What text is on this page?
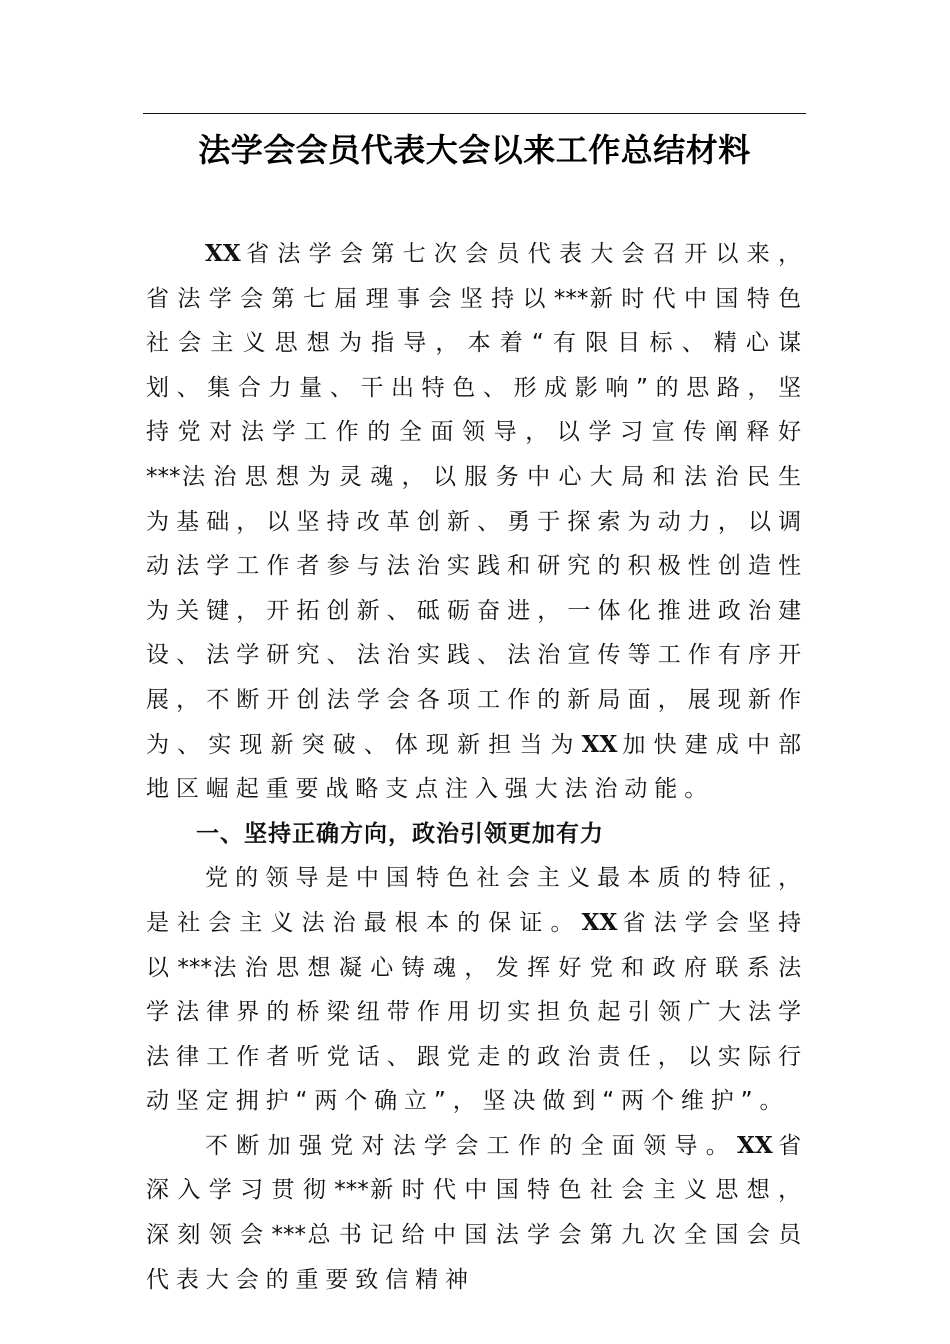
法学会会员代表大会以来工作总结材料

XX 省法学会第七次会员代表大会召开以来，省法学会第七届理事会坚持以***新时代中国特色社会主义思想为指导，本着“有限目标、精心谋划、集合力量、干出特色、形成影响”的思路，坚持党对法学工作的全面领导，以学习宣传阐释好***法治思想为灵魂，以服务中心大局和法治民生为基础，以坚持改革创新、勇于探索为动力，以调动法学工作者参与法治实践和研究的积极性创造性为关键，开拓创新、砥砺奋进，一体化推进政治建设、法学研究、法治实践、法治宣传等工作有序开展，不断开创法学会各项工作的新局面，展现新作为、实现新突破、体现新担当为XX 加快建成中部地区崛起重要战略支点注入强大法治动能。

一、坚持正确方向，政治引领更加有力

党的领导是中国特色社会主义最本质的特征，是社会主义法治最根本的保证。XX 省法学会坚持以***法治思想凝心铸魂，发挥好党和政府联系法学法律界的桥梁纽带作用切实担负起引领广大法学法律工作者听党话、跟党走的政治责任，以实际行动坚定拥护“两个确立”，坚决做到“两个维护”。

不断加强党对法学会工作的全面领导。XX 省深入学习贯彻***新时代中国特色社会主义思想，深刻领会***总书记给中国法学会第九次全国会员代表大会的重要致信精神
